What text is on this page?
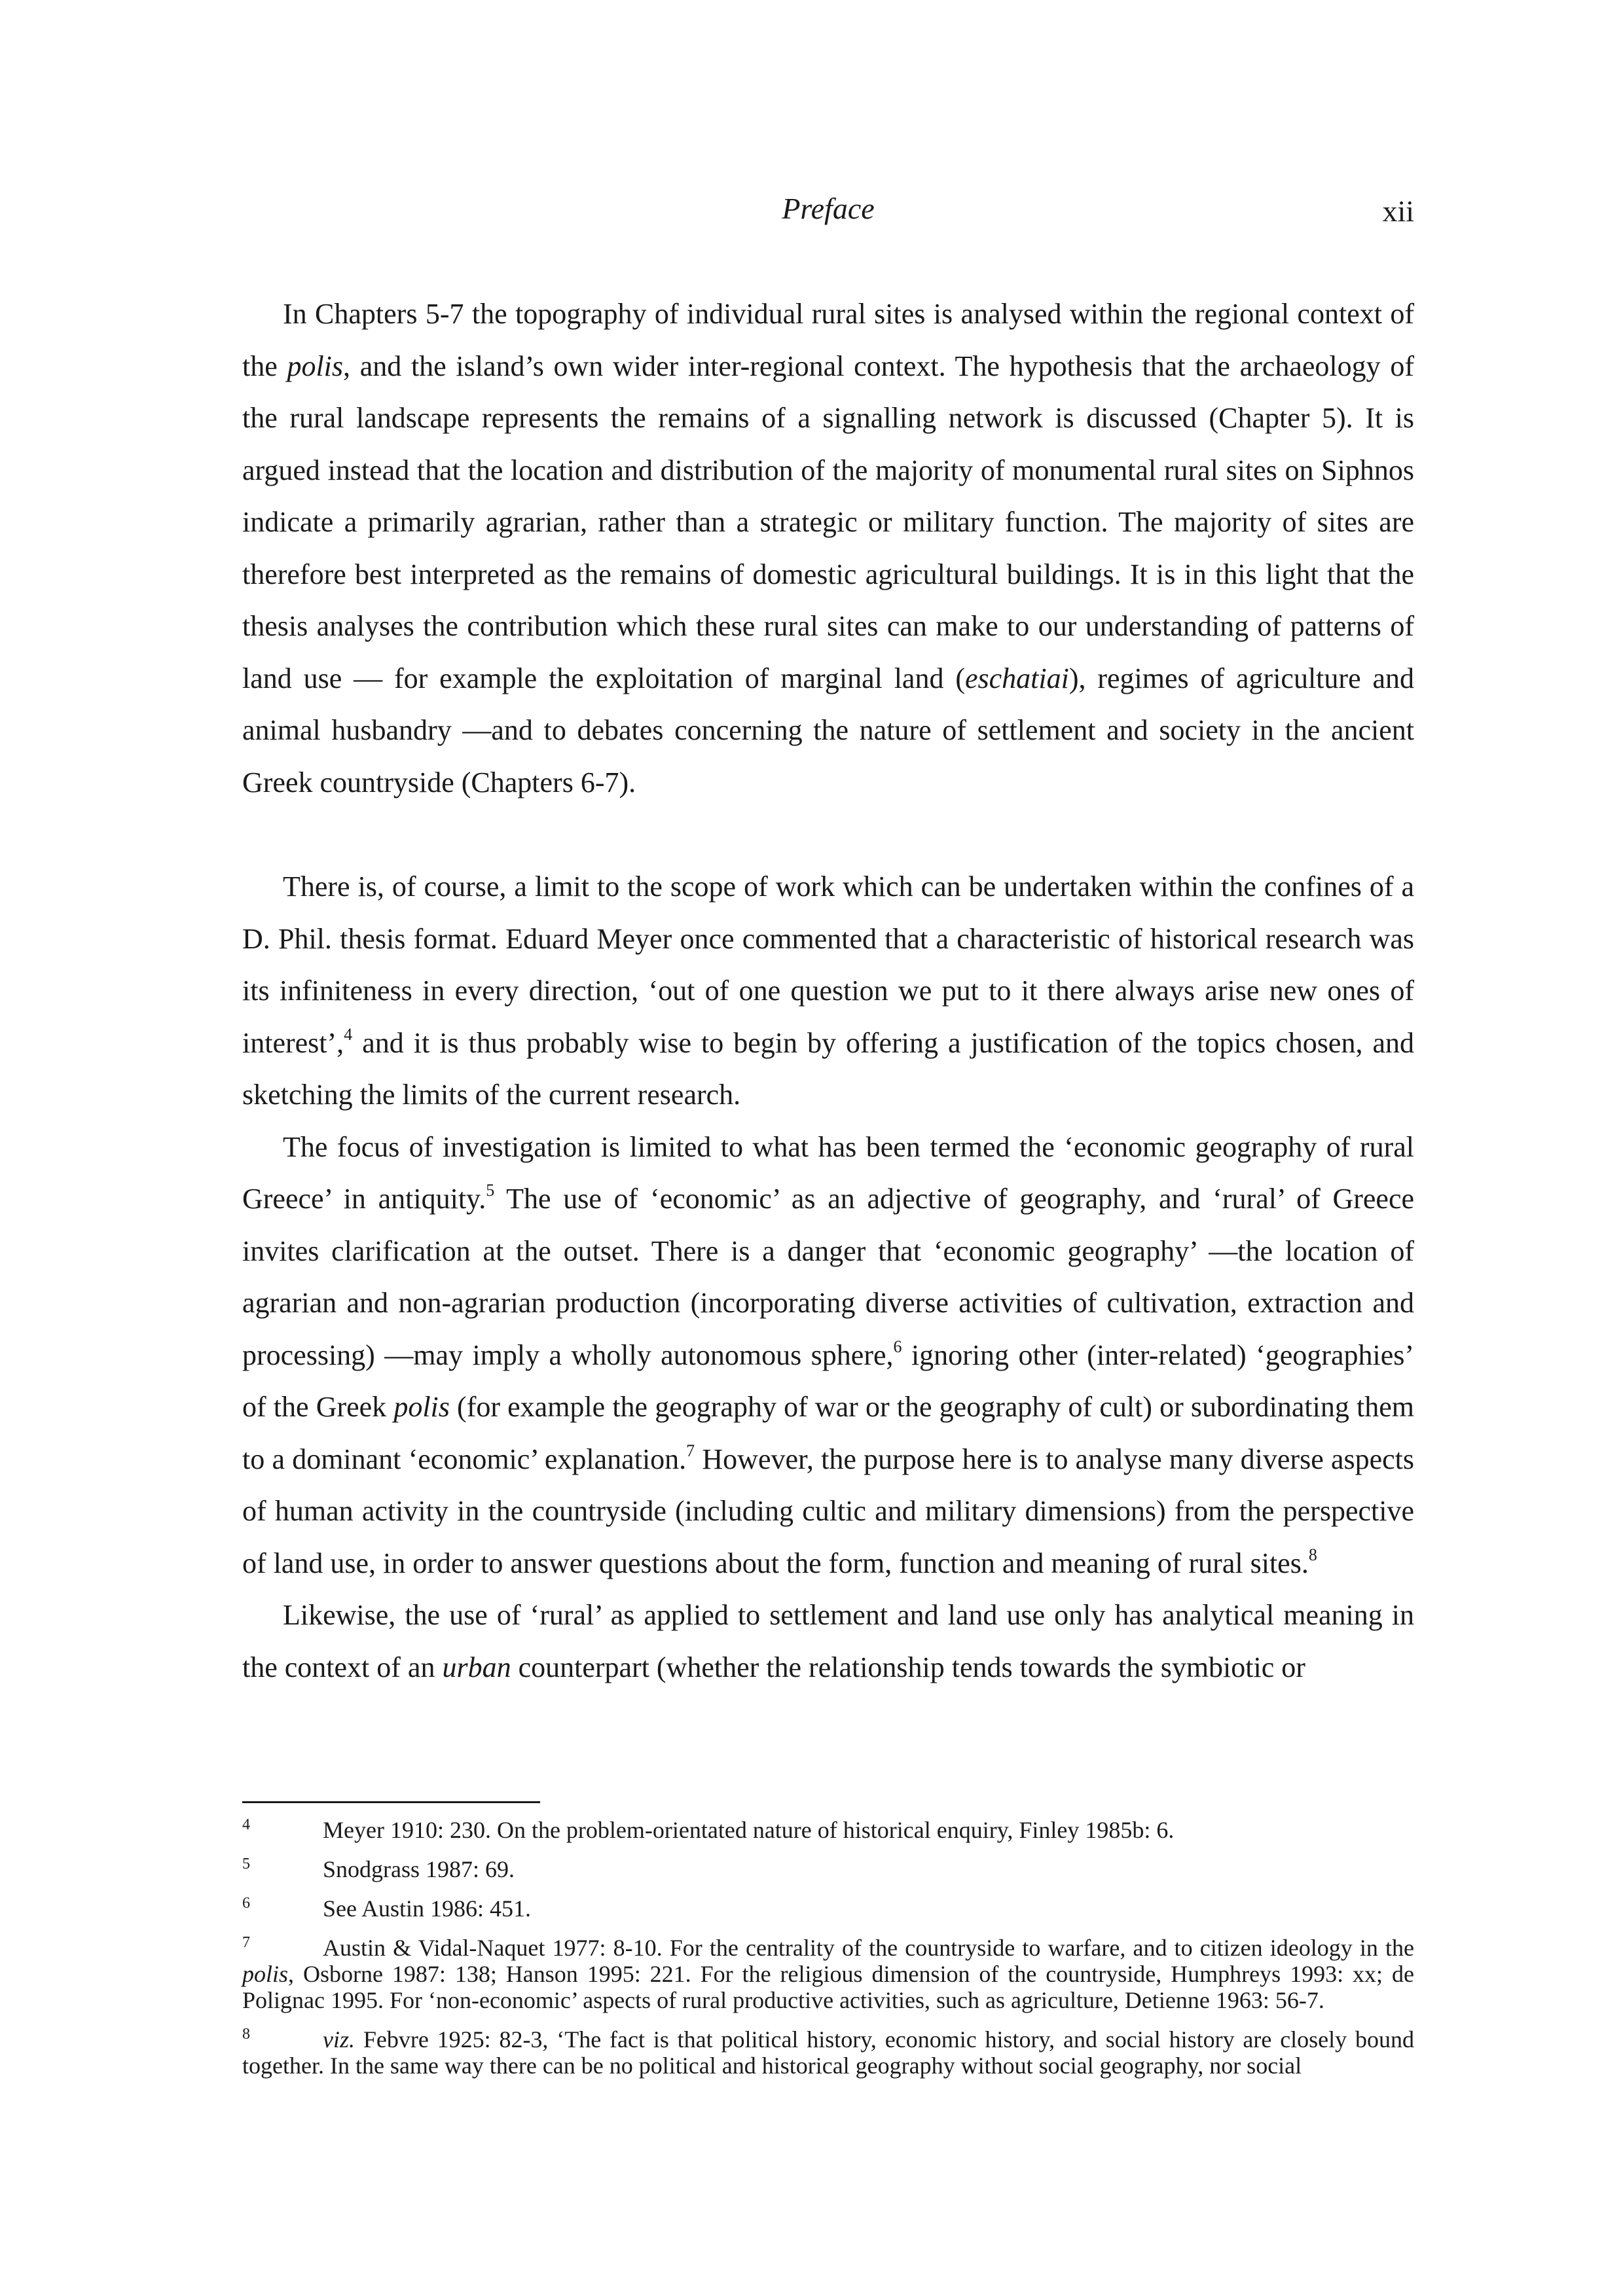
Preface	xii

In Chapters 5-7 the topography of individual rural sites is analysed within the regional context of the polis, and the island’s own wider inter-regional context. The hypothesis that the archaeology of the rural landscape represents the remains of a signalling network is discussed (Chapter 5). It is argued instead that the location and distribution of the majority of monumental rural sites on Siphnos indicate a primarily agrarian, rather than a strategic or military function. The majority of sites are therefore best interpreted as the remains of domestic agricultural buildings. It is in this light that the thesis analyses the contribution which these rural sites can make to our understanding of patterns of land use — for example the exploitation of marginal land (eschatiai), regimes of agriculture and animal husbandry —and to debates concerning the nature of settlement and society in the ancient Greek countryside (Chapters 6-7).

There is, of course, a limit to the scope of work which can be undertaken within the confines of a D. Phil. thesis format. Eduard Meyer once commented that a characteristic of historical research was its infiniteness in every direction, ‘out of one question we put to it there always arise new ones of interest’,$^4$ and it is thus probably wise to begin by offering a justification of the topics chosen, and sketching the limits of the current research.

The focus of investigation is limited to what has been termed the ‘economic geography of rural Greece’ in antiquity.$^5$ The use of ‘economic’ as an adjective of geography, and ‘rural’ of Greece invites clarification at the outset. There is a danger that ‘economic geography’ —the location of agrarian and non-agrarian production (incorporating diverse activities of cultivation, extraction and processing) —may imply a wholly autonomous sphere,$^6$ ignoring other (inter-related) ‘geographies’ of the Greek polis (for example the geography of war or the geography of cult) or subordinating them to a dominant ‘economic’ explanation.$^7$ However, the purpose here is to analyse many diverse aspects of human activity in the countryside (including cultic and military dimensions) from the perspective of land use, in order to answer questions about the form, function and meaning of rural sites.$^8$

Likewise, the use of ‘rural’ as applied to settlement and land use only has analytical meaning in the context of an urban counterpart (whether the relationship tends towards the symbiotic or

4	Meyer 1910: 230. On the problem-orientated nature of historical enquiry, Finley 1985b: 6.
5	Snodgrass 1987: 69.
6	See Austin 1986: 451.
7	Austin & Vidal-Naquet 1977: 8-10. For the centrality of the countryside to warfare, and to citizen ideology in the polis, Osborne 1987: 138; Hanson 1995: 221. For the religious dimension of the countryside, Humphreys 1993: xx; de Polignac 1995. For ‘non-economic’ aspects of rural productive activities, such as agriculture, Detienne 1963: 56-7.
8	viz. Febvre 1925: 82-3, ‘The fact is that political history, economic history, and social history are closely bound together. In the same way there can be no political and historical geography without social geography, nor social
